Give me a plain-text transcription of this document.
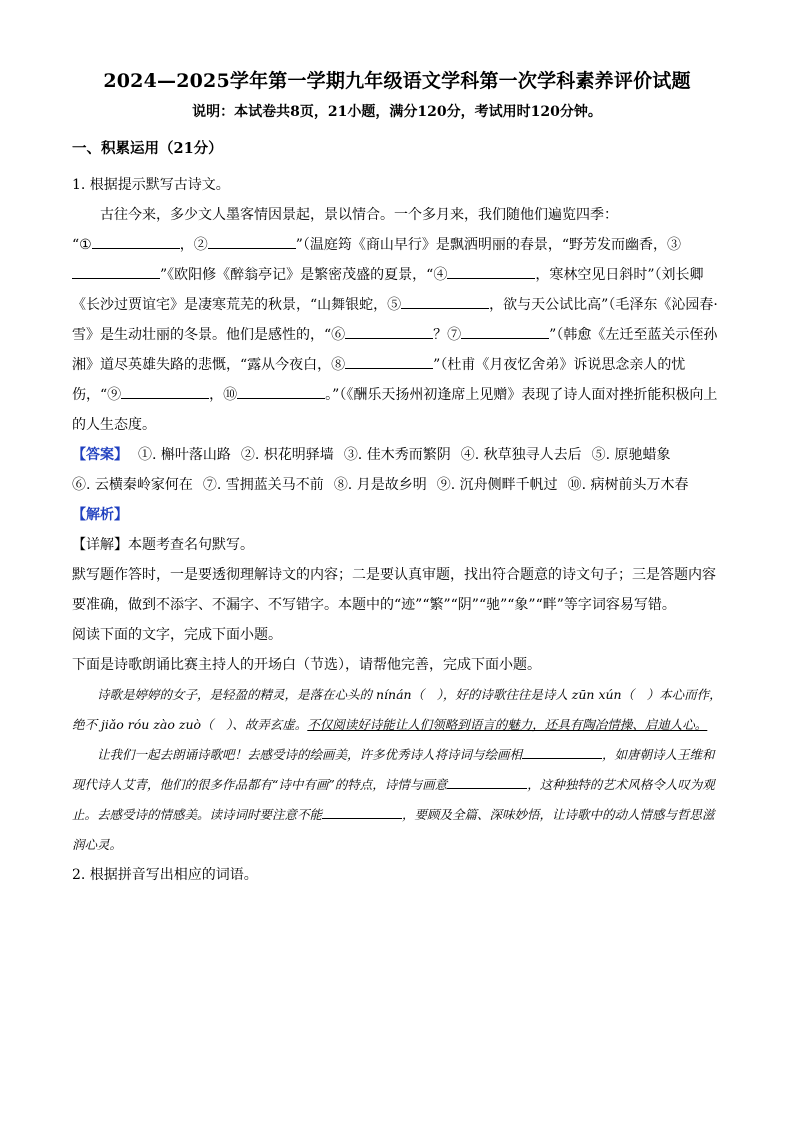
2024—2025学年第一学期九年级语文学科第一次学科素养评价试题
说明：本试卷共8页，21小题，满分120分，考试用时120分钟。
一、积累运用（21分）

1. 根据提示默写古诗文。

古往今来，多少文人墨客情因景起，景以情合。一个多月来，我们随他们遍览四季：

“①	，②	”（温庭筠《商山早行》是飘洒明丽的春景，“野芳发而幽香，③”《欧阳修《醉翁亭记》是繁密茂盛的夏景，“④	，寒林空见日斜时”（刘长卿《长沙过贾谊宅》是凄寒荒芜的秋景，“山舞银蛇，⑤	，欲与天公试比高”（毛泽东《沁园春·雪》是生动壮丽的冬景。他们是感性的，“⑥	？⑦	”（韩愈《左迁至蓝关示侄孙湘》道尽英雄失路的悲慨，“露从今夜白，⑧	”（杜甫《月夜忆舍弟》诉说思念亲人的忧伤，“⑨	，⑩	。”（《酬乐天扬州初逢席上见赠》表现了诗人面对挫折能积极向上的人生态度。

【答案】 ①. 槲叶落山路 ②. 枳花明驿墙 ③. 佳木秀而繁阴 ④. 秋草独寻人去后 ⑤. 原驰蜡象
⑥. 云横秦岭家何在 ⑦. 雪拥蓝关马不前 ⑧. 月是故乡明 ⑨. 沉舟侧畔千帆过 ⑩. 病树前头万木春

【解析】

【详解】本题考查名句默写。

默写题作答时，一是要透彻理解诗文的内容；二是要认真审题，找出符合题意的诗文句子；三是答题内容要准确，做到不添字、不漏字、不写错字。本题中的“迹”“繁”“阴”“驰”“象”“畔”等字词容易写错。

阅读下面的文字，完成下面小题。

下面是诗歌朗诵比赛主持人的开场白（节选），请帮他完善，完成下面小题。

诗歌是婷婷的女子，是轻盈的精灵，是落在心头的 nínán（　），好的诗歌往往是诗人 zūn xún（　）本心而作，绝不 jiǎo róu zào zuò（　）、故弄玄虚。不仅阅读好诗能让人们领略到语言的魅力，还具有陶冶情操、启迪人心。

让我们一起去朗诵诗歌吧！去感受诗的绘画美，许多优秀诗人将诗词与绘画相	，如唐朝诗人王维和现代诗人艾青，他们的很多作品都有“诗中有画”的特点，诗情与画意	，这种独特的艺术风格令人叹为观止。去感受诗的情感美。读诗词时要注意不能	，要顾及全篇、深味妙悟，让诗歌中的动人情感与哲思滋润心灵。

2. 根据拼音写出相应的词语。
